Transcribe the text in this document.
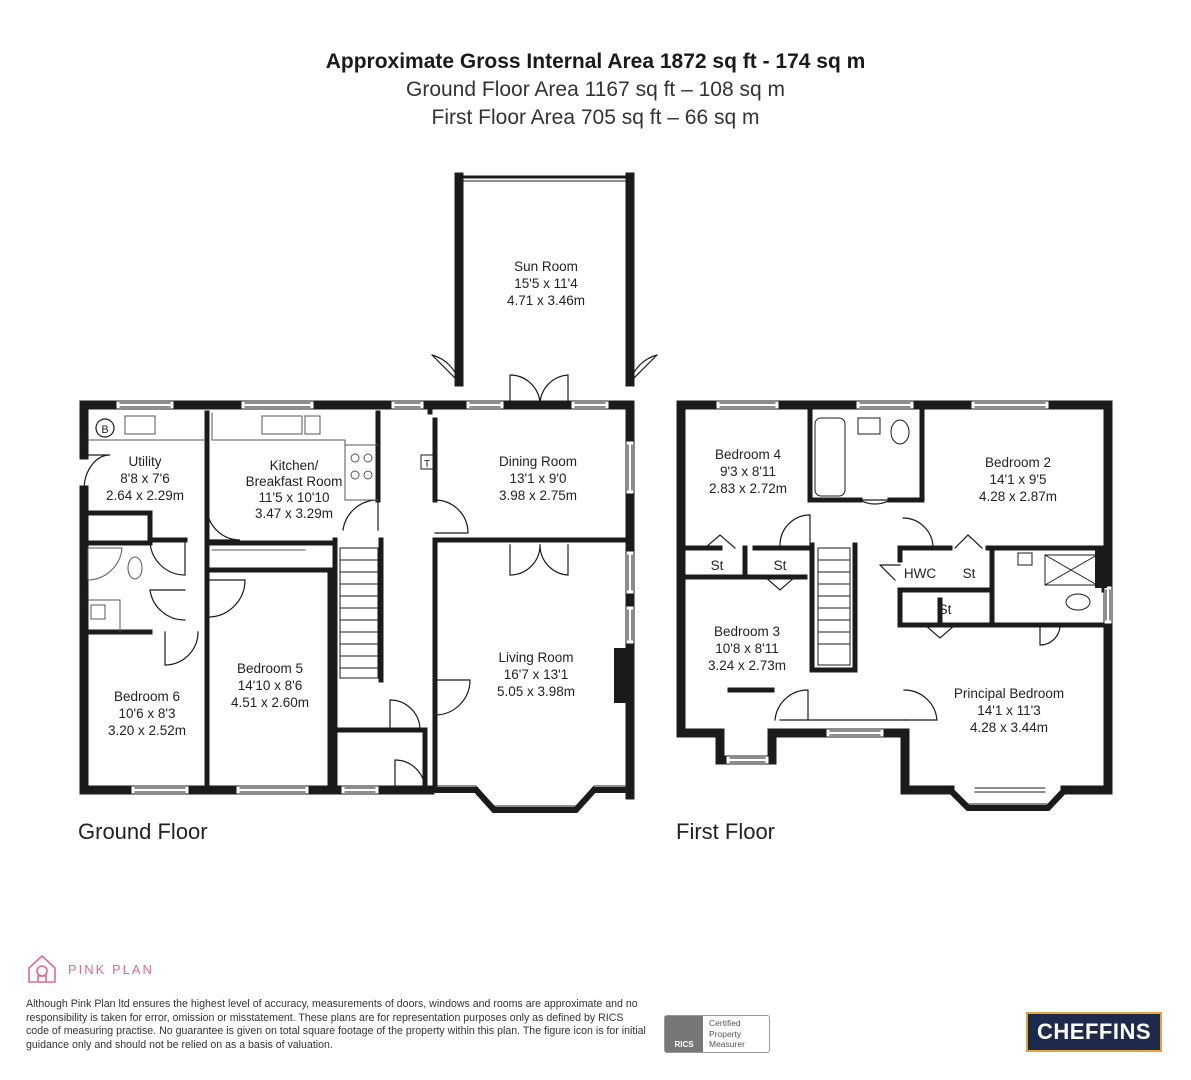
Approximate Gross Internal Area 1872 sq ft - 174 sq m
Ground Floor Area 1167 sq ft – 108 sq m
First Floor Area 705 sq ft – 66 sq m
Sun Room
15'5 x 11'4
4.71 x 3.46m
Utility
8'8 x 7'6
2.64 x 2.29m
Kitchen/
Breakfast Room
11'5 x 10'10
3.47 x 3.29m
Dining Room
13'1 x 9'0
3.98 x 2.75m
Living Room
16'7 x 13'1
5.05 x 3.98m
Bedroom 5
14'10 x 8'6
4.51 x 2.60m
Bedroom 6
10'6 x 8'3
3.20 x 2.52m
B
T
Bedroom 4
9'3 x 8'11
2.83 x 2.72m
Bedroom 2
14'1 x 9'5
4.28 x 2.87m
Bedroom 3
10'8 x 8'11
3.24 x 2.73m
Principal Bedroom
14'1 x 11'3
4.28 x 3.44m
St	St
HWC St
St
Ground Floor	First Floor
PINK PLAN
Although Pink Plan ltd ensures the highest level of accuracy, measurements of doors, windows and rooms are approximate and no responsibility is taken for error, omission or misstatement. These plans are for representation purposes only as defined by RICS code of measuring practise. No guarantee is given on total square footage of the property within this plan. The figure icon is for initial guidance only and should not be relied on as a basis of valuation.	RICS
Certified
Property
Measurer	CHEFFINS
